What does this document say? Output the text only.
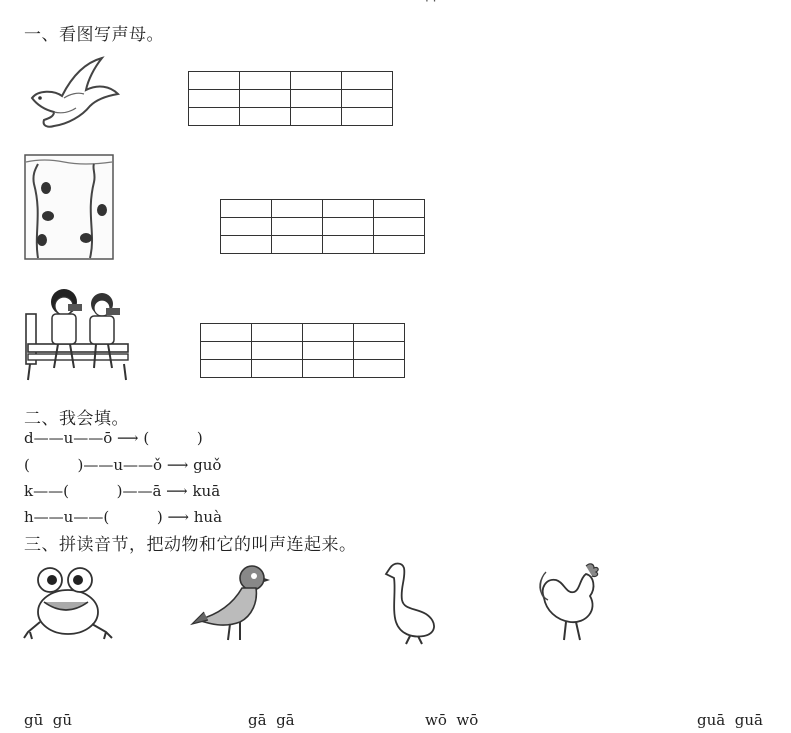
· ·
一、看图写声母。

二、我会填。
d——u——ō ⟶ (          )
(          )——u——ǒ ⟶ guǒ
k——(          )——ā ⟶ kuā
h——u——(          ) ⟶ huà
三、拼读音节，把动物和它的叫声连起来。
gū  gū	gā  gā	wō  wō	guā  guā
